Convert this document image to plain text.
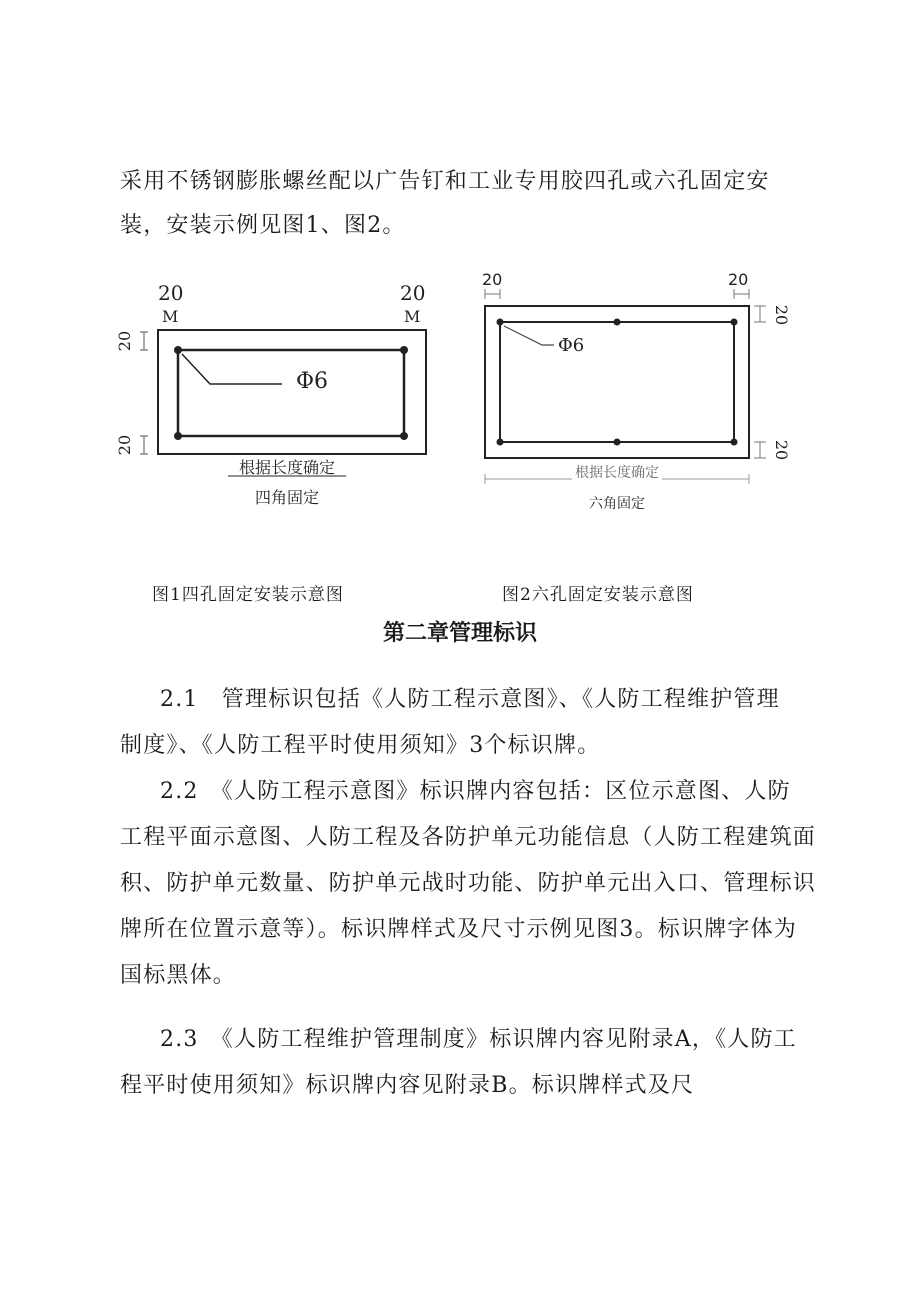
采用不锈钢膨胀螺丝配以广告钉和工业专用胶四孔或六孔固定安
装，安装示例见图1、图2。
Φ6
20
M
20
M
20
20
根据长度确定
四角固定
20	20
Φ6
20
20
根据长度确定
六角固定
图1四孔固定安装示意图	图2六孔固定安装示意图
第二章管理标识
2.1　管理标识包括《人防工程示意图》、《人防工程维护管理
制度》、《人防工程平时使用须知》3个标识牌。
2.2　《人防工程示意图》标识牌内容包括：区位示意图、人防
工程平面示意图、人防工程及各防护单元功能信息（人防工程建筑面
积、防护单元数量、防护单元战时功能、防护单元出入口、管理标识
牌所在位置示意等）。标识牌样式及尺寸示例见图3。标识牌字体为
国标黑体。
2.3　《人防工程维护管理制度》标识牌内容见附录A，《人防工
程平时使用须知》标识牌内容见附录B。标识牌样式及尺
